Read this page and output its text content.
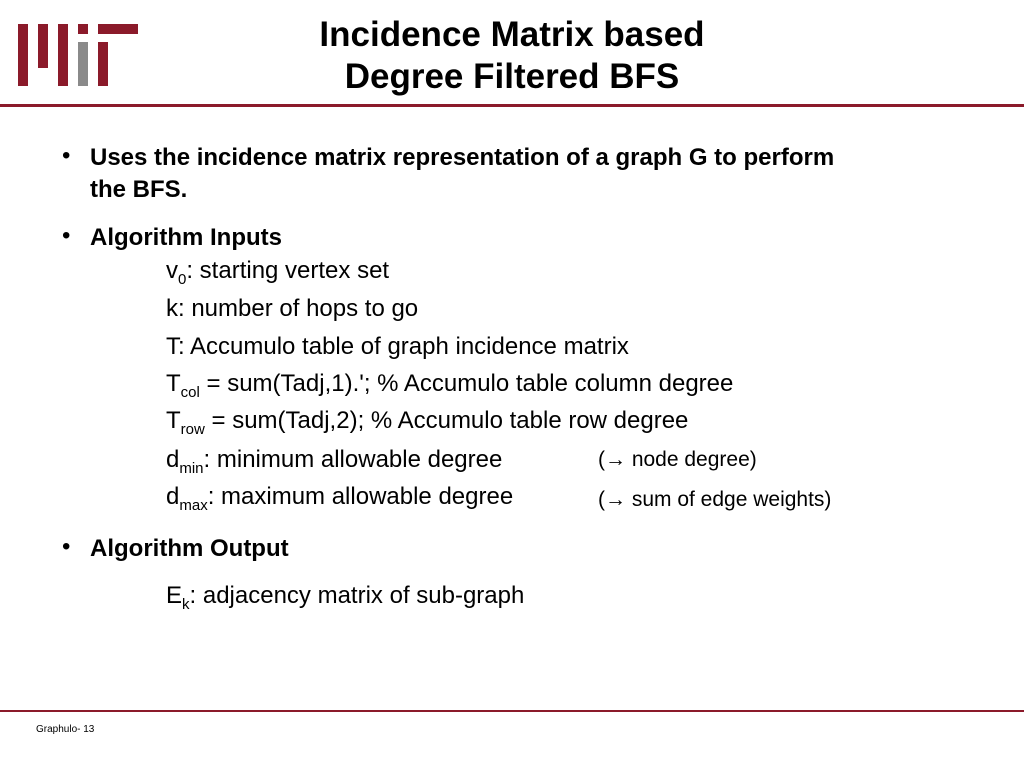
Incidence Matrix based
Degree Filtered BFS
• Uses the incidence matrix representation of a graph G to perform
the BFS.
• Algorithm Inputs
$v_0$: starting vertex set
k: number of hops to go
T: Accumulo table of graph incidence matrix
$T_{col}$ = sum(Tadj,1).'; % Accumulo table column degree
$T_{row}$ = sum(Tadj,2); % Accumulo table row degree
$d_{min}$: minimum allowable degree	(→ node degree)
$d_{max}$: maximum allowable degree	(→ sum of edge weights)
• Algorithm Output
$E_k$: adjacency matrix of sub-graph
Graphulo- 13
